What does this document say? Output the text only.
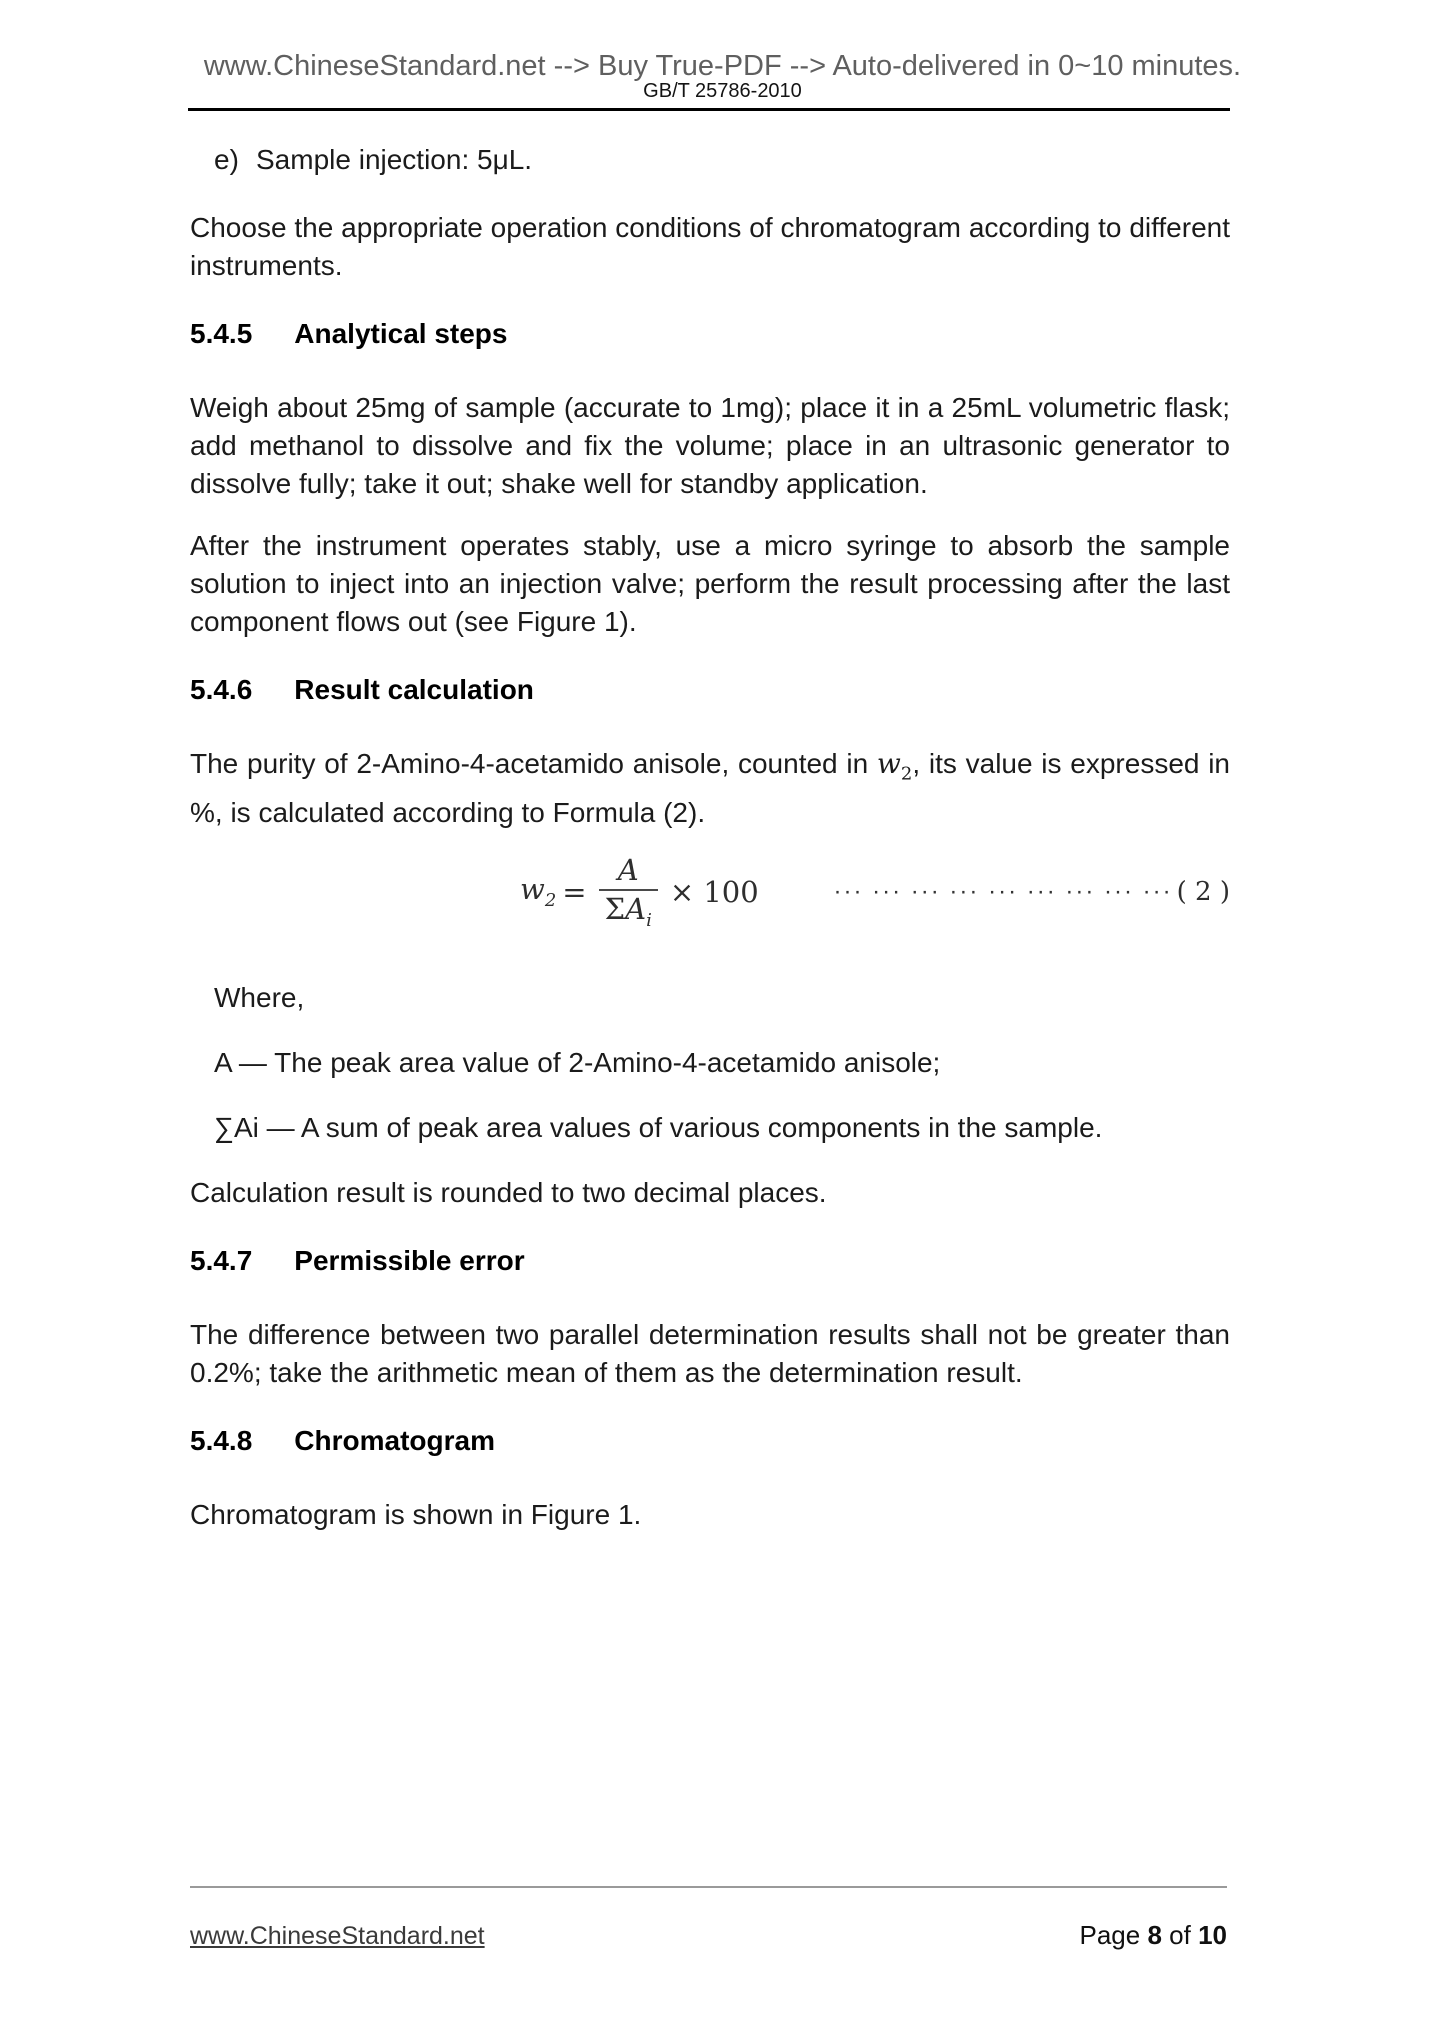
www.ChineseStandard.net --> Buy True-PDF --> Auto-delivered in 0~10 minutes.
GB/T 25786-2010
e) Sample injection: 5μL.
Choose the appropriate operation conditions of chromatogram according to different instruments.
5.4.5 Analytical steps
Weigh about 25mg of sample (accurate to 1mg); place it in a 25mL volumetric flask; add methanol to dissolve and fix the volume; place in an ultrasonic generator to dissolve fully; take it out; shake well for standby application.
After the instrument operates stably, use a micro syringe to absorb the sample solution to inject into an injection valve; perform the result processing after the last component flows out (see Figure 1).
5.4.6 Result calculation
The purity of 2-Amino-4-acetamido anisole, counted in $w_2$, its value is expressed in %, is calculated according to Formula (2).
$w_2 = \frac{A}{\Sigma A_i} \times 100$	··· ··· ··· ··· ··· ··· ··· ··· ··· ( 2 )
Where,
A — The peak area value of 2-Amino-4-acetamido anisole;
∑Ai — A sum of peak area values of various components in the sample.
Calculation result is rounded to two decimal places.
5.4.7 Permissible error
The difference between two parallel determination results shall not be greater than 0.2%; take the arithmetic mean of them as the determination result.
5.4.8 Chromatogram
Chromatogram is shown in Figure 1.
www.ChineseStandard.net	Page 8 of 10
